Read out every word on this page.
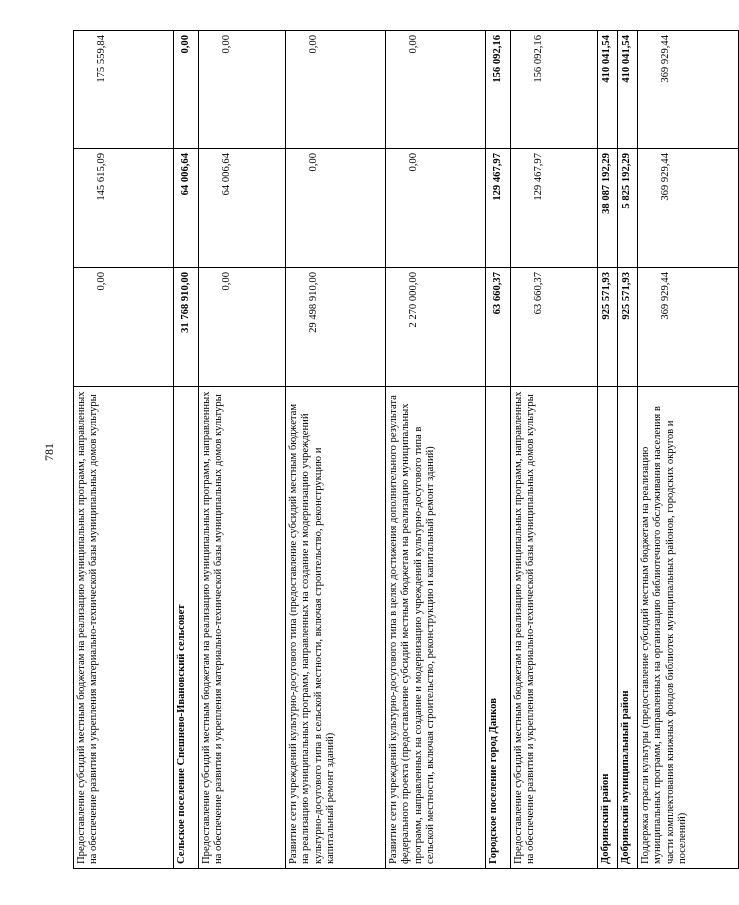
781 Предоставление субсидий местным бюджетам на реализацию муниципальных программ, направленных на обеспечение развития и укрепления материально-технической базы муниципальных домов культуры	0,00	145 615,09	175 559,84
Сельское поселение Спешнево-Ивановский сельсовет	31 768 910,00	64 006,64	0,00
Предоставление субсидий местным бюджетам на реализацию муниципальных программ, направленных на обеспечение развития и укрепления материально-технической базы муниципальных домов культуры	0,00	64 006,64	0,00
Развитие сети учреждений культурно-досугового типа (предоставление субсидий местным бюджетам на реализацию муниципальных программ, направленных на создание и модернизацию учреждений культурно-досугового типа в сельской местности, включая строительство, реконструкцию и капитальный ремонт зданий)	29 498 910,00	0,00	0,00
Развитие сети учреждений культурно-досугового типа в целях достижения дополнительного результата федерального проекта (предоставление субсидий местным бюджетам на реализацию муниципальных программ, направленных на создание и модернизацию учреждений культурно-досугового типа в сельской местности, включая строительство, реконструкцию и капитальный ремонт зданий)	2 270 000,00	0,00	0,00
Городское поселение город Данков	63 660,37	129 467,97	156 092,16
Предоставление субсидий местным бюджетам на реализацию муниципальных программ, направленных на обеспечение развития и укрепления материально-технической базы муниципальных домов культуры	63 660,37	129 467,97	156 092,16
Добринский район	925 571,93	38 087 192,29	410 041,54
Добринский муниципальный район	925 571,93	5 825 192,29	410 041,54
Поддержка отрасли культуры (предоставление субсидий местным бюджетам на реализацию муниципальных программ, направленных на организацию библиотечного обслуживания населения в части комплектования книжных фондов библиотек муниципальных районов, городских округов и поселений)	369 929,44	369 929,44	369 929,44
